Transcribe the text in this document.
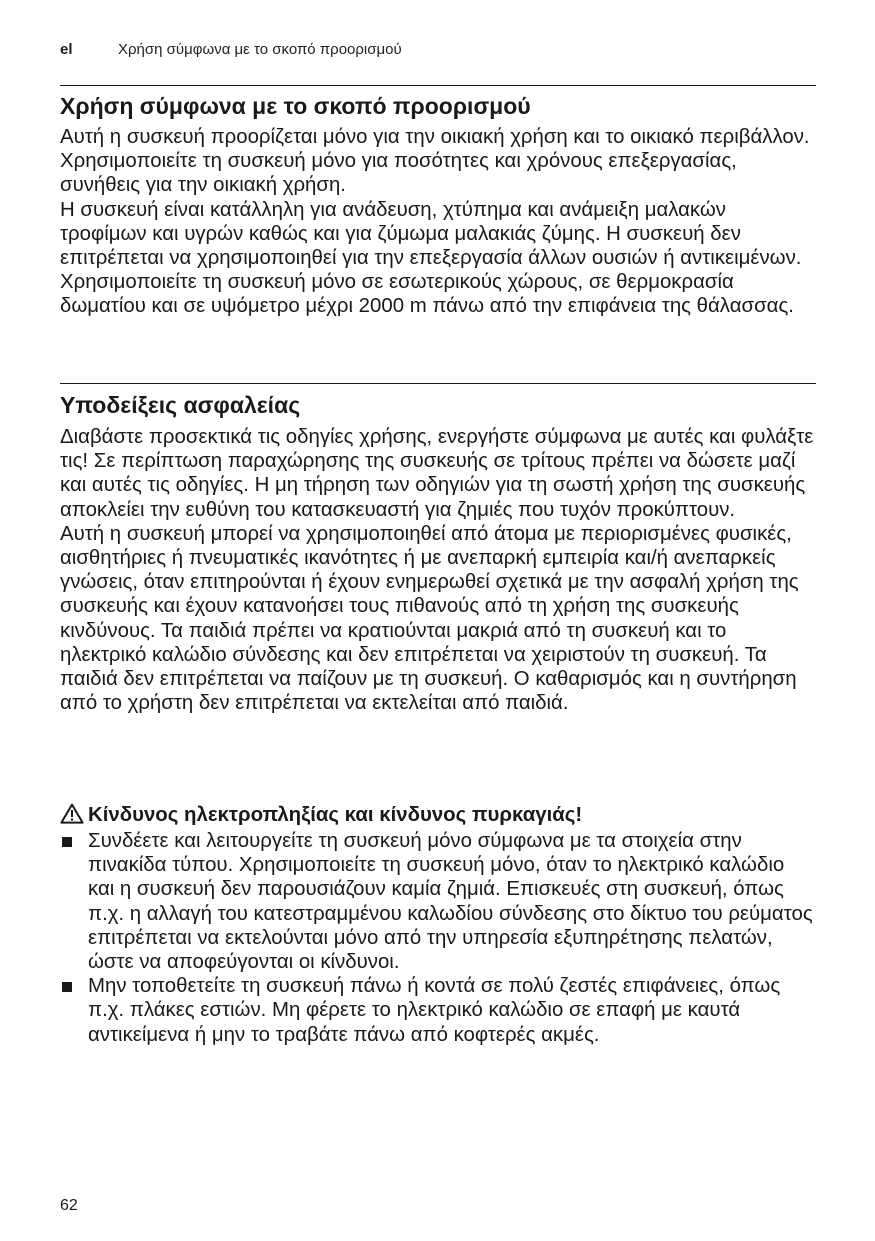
el	Χρήση σύμφωνα με το σκοπό προορισμού
Χρήση σύμφωνα με το σκοπό προορισμού

Αυτή η συσκευή προορίζεται μόνο για την οικιακή χρήση και το οικιακό περιβάλλον. Χρησιμοποιείτε τη συσκευή μόνο για ποσότητες και χρόνους επεξεργασίας, συνήθεις για την οικιακή χρήση.

Η συσκευή είναι κατάλληλη για ανάδευση, χτύπημα και ανάμειξη μαλακών τροφίμων και υγρών καθώς και για ζύμωμα μαλακιάς ζύμης. Η συσκευή δεν επιτρέπεται να χρησιμοποιηθεί για την επεξεργασία άλλων ουσιών ή αντικειμένων.

Χρησιμοποιείτε τη συσκευή μόνο σε εσωτερικούς χώρους, σε θερμοκρασία δωματίου και σε υψόμετρο μέχρι 2000 m πάνω από την επιφάνεια της θάλασσας.

Υποδείξεις ασφαλείας

Διαβάστε προσεκτικά τις οδηγίες χρήσης, ενεργήστε σύμφωνα με αυτές και φυλάξτε τις! Σε περίπτωση παραχώρησης της συσκευής σε τρίτους πρέπει να δώσετε μαζί και αυτές τις οδηγίες. Η μη τήρηση των οδηγιών για τη σωστή χρήση της συσκευής αποκλείει την ευθύνη του κατασκευαστή για ζημιές που τυχόν προκύπτουν.

Αυτή η συσκευή μπορεί να χρησιμοποιηθεί από άτομα με περιορισμένες φυσικές, αισθητήριες ή πνευματικές ικανότητες ή με ανεπαρκή εμπειρία και/ή ανεπαρκείς γνώσεις, όταν επιτηρούνται ή έχουν ενημερωθεί σχετικά με την ασφαλή χρήση της συσκευής και έχουν κατανοήσει τους πιθανούς από τη χρήση της συσκευής κινδύνους. Τα παιδιά πρέπει να κρατιούνται μακριά από τη συσκευή και το ηλεκτρικό καλώδιο σύνδεσης και δεν επιτρέπεται να χειριστούν τη συσκευή. Τα παιδιά δεν επιτρέπεται να παίζουν με τη συσκευή. Ο καθαρισμός και η συντήρηση από το χρήστη δεν επιτρέπεται να εκτελείται από παιδιά.

Κίνδυνος ηλεκτροπληξίας και κίνδυνος πυρκαγιάς!
Συνδέετε και λειτουργείτε τη συσκευή μόνο σύμφωνα με τα στοιχεία στην πινακίδα τύπου. Χρησιμοποιείτε τη συσκευή μόνο, όταν το ηλεκτρικό καλώδιο και η συσκευή δεν παρουσιάζουν καμία ζημιά. Επισκευές στη συσκευή, όπως π.χ. η αλλαγή του κατεστραμμένου καλωδίου σύνδεσης στο δίκτυο του ρεύματος επιτρέπεται να εκτελούνται μόνο από την υπηρεσία εξυπηρέτησης πελατών, ώστε να αποφεύγονται οι κίνδυνοι.
Μην τοποθετείτε τη συσκευή πάνω ή κοντά σε πολύ ζεστές επιφάνειες, όπως π.χ. πλάκες εστιών. Μη φέρετε το ηλεκτρικό καλώδιο σε επαφή με καυτά αντικείμενα ή μην το τραβάτε πάνω από κοφτερές ακμές.
62
